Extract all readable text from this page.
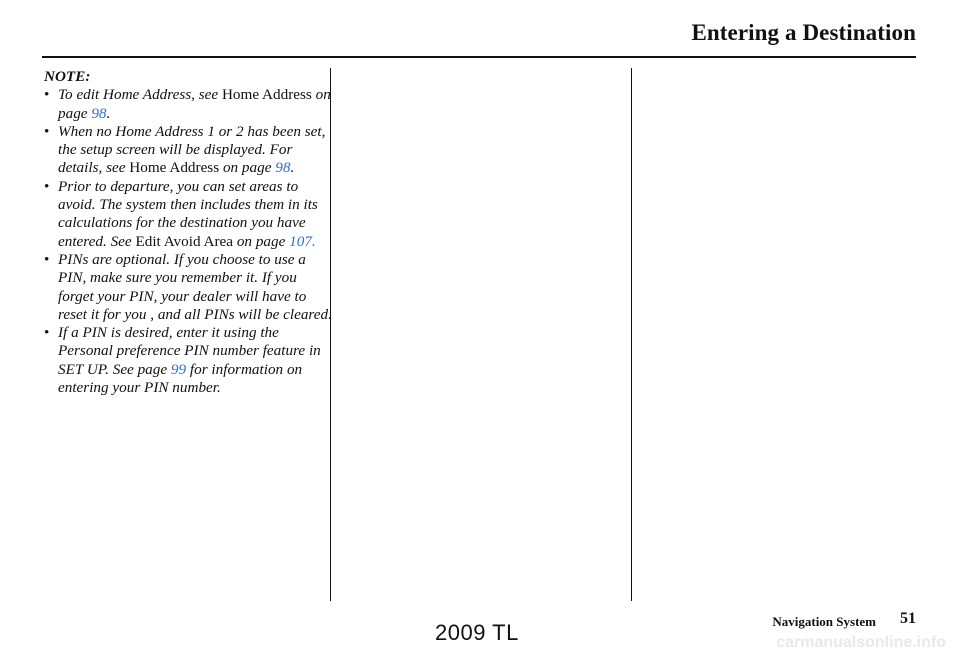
Entering a Destination
NOTE:
• To edit Home Address, see Home Address on page 98.
• When no Home Address 1 or 2 has been set, the setup screen will be displayed. For details, see Home Address on page 98.
• Prior to departure, you can set areas to avoid. The system then includes them in its calculations for the destination you have entered. See Edit Avoid Area on page 107.
• PINs are optional. If you choose to use a PIN, make sure you remember it. If you forget your PIN, your dealer will have to reset it for you , and all PINs will be cleared.
• If a PIN is desired, enter it using the Personal preference PIN number feature in SET UP. See page 99 for information on entering your PIN number.
Navigation System 51
2009 TL	carmanualsonline.info
